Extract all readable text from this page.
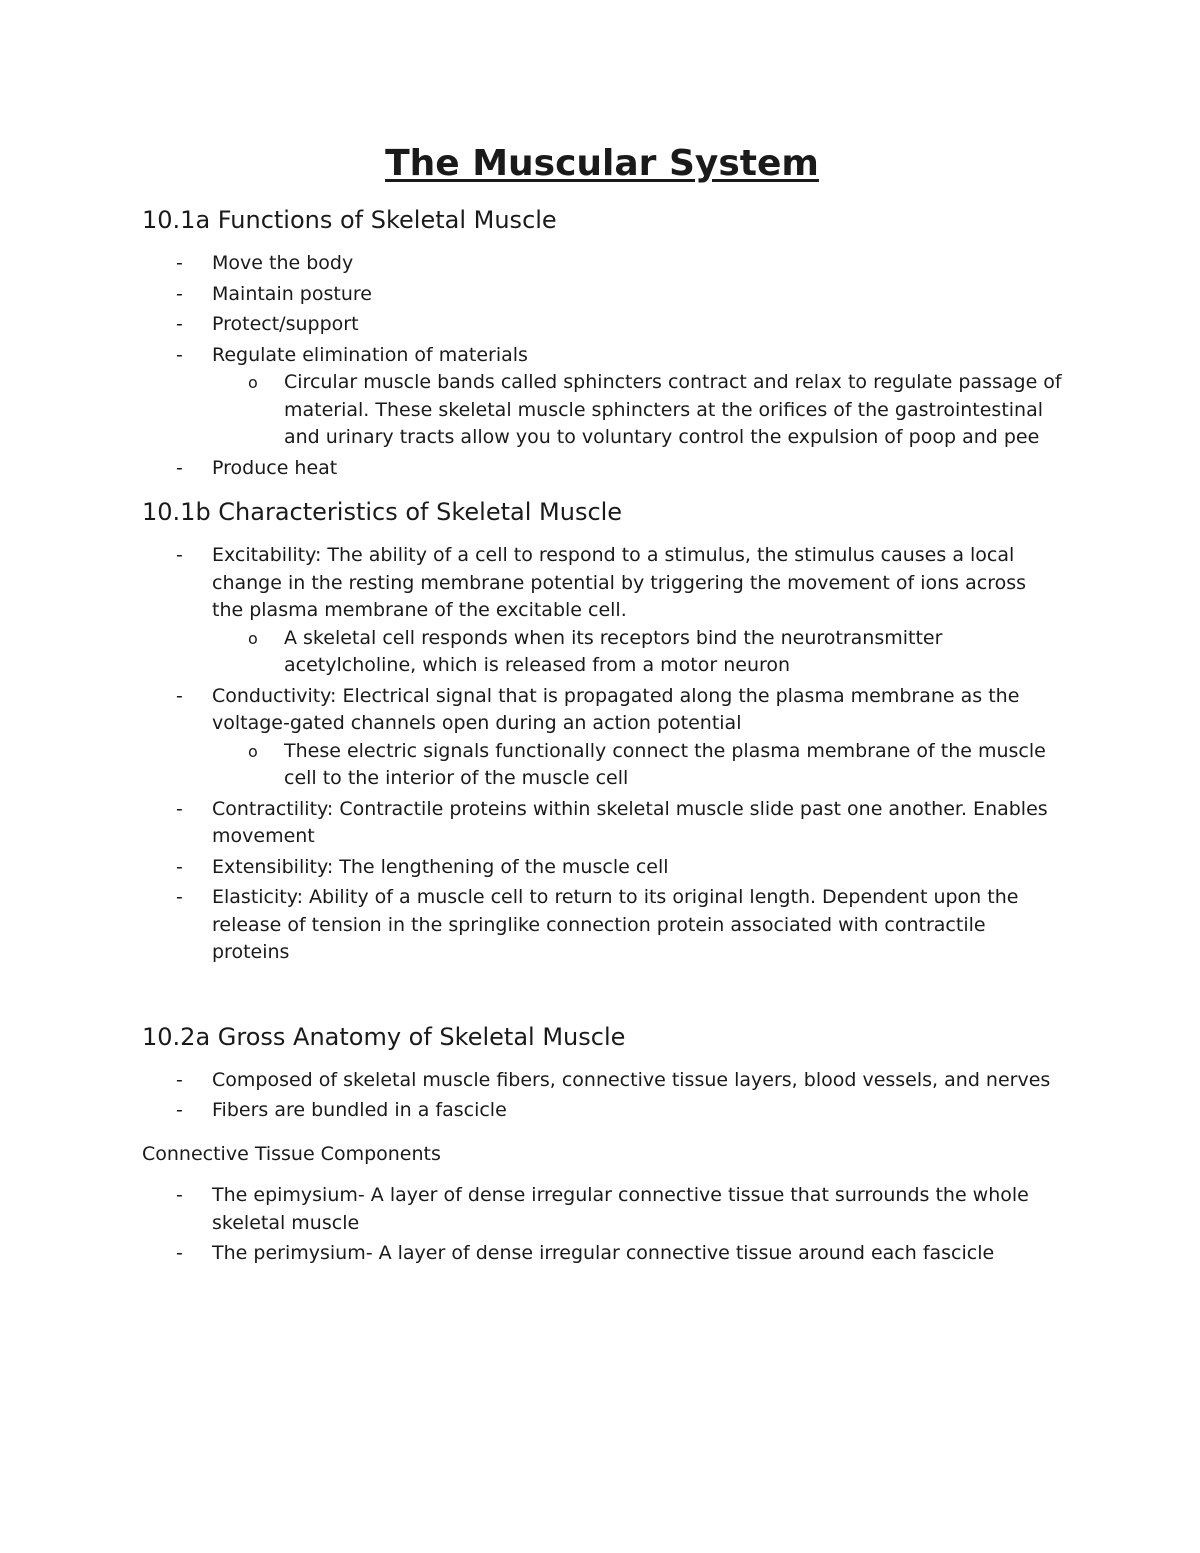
The Muscular System
10.1a Functions of Skeletal Muscle
- Move the body
- Maintain posture
- Protect/support
- Regulate elimination of materials
o Circular muscle bands called sphincters contract and relax to regulate passage of material. These skeletal muscle sphincters at the orifices of the gastrointestinal and urinary tracts allow you to voluntary control the expulsion of poop and pee
- Produce heat
10.1b Characteristics of Skeletal Muscle
- Excitability: The ability of a cell to respond to a stimulus, the stimulus causes a local change in the resting membrane potential by triggering the movement of ions across the plasma membrane of the excitable cell.
o A skeletal cell responds when its receptors bind the neurotransmitter acetylcholine, which is released from a motor neuron
- Conductivity: Electrical signal that is propagated along the plasma membrane as the voltage-gated channels open during an action potential
o These electric signals functionally connect the plasma membrane of the muscle cell to the interior of the muscle cell
- Contractility: Contractile proteins within skeletal muscle slide past one another. Enables movement
- Extensibility: The lengthening of the muscle cell
- Elasticity: Ability of a muscle cell to return to its original length. Dependent upon the release of tension in the springlike connection protein associated with contractile proteins
10.2a Gross Anatomy of Skeletal Muscle
- Composed of skeletal muscle fibers, connective tissue layers, blood vessels, and nerves
- Fibers are bundled in a fascicle

Connective Tissue Components

- The epimysium- A layer of dense irregular connective tissue that surrounds the whole skeletal muscle
- The perimysium- A layer of dense irregular connective tissue around each fascicle
